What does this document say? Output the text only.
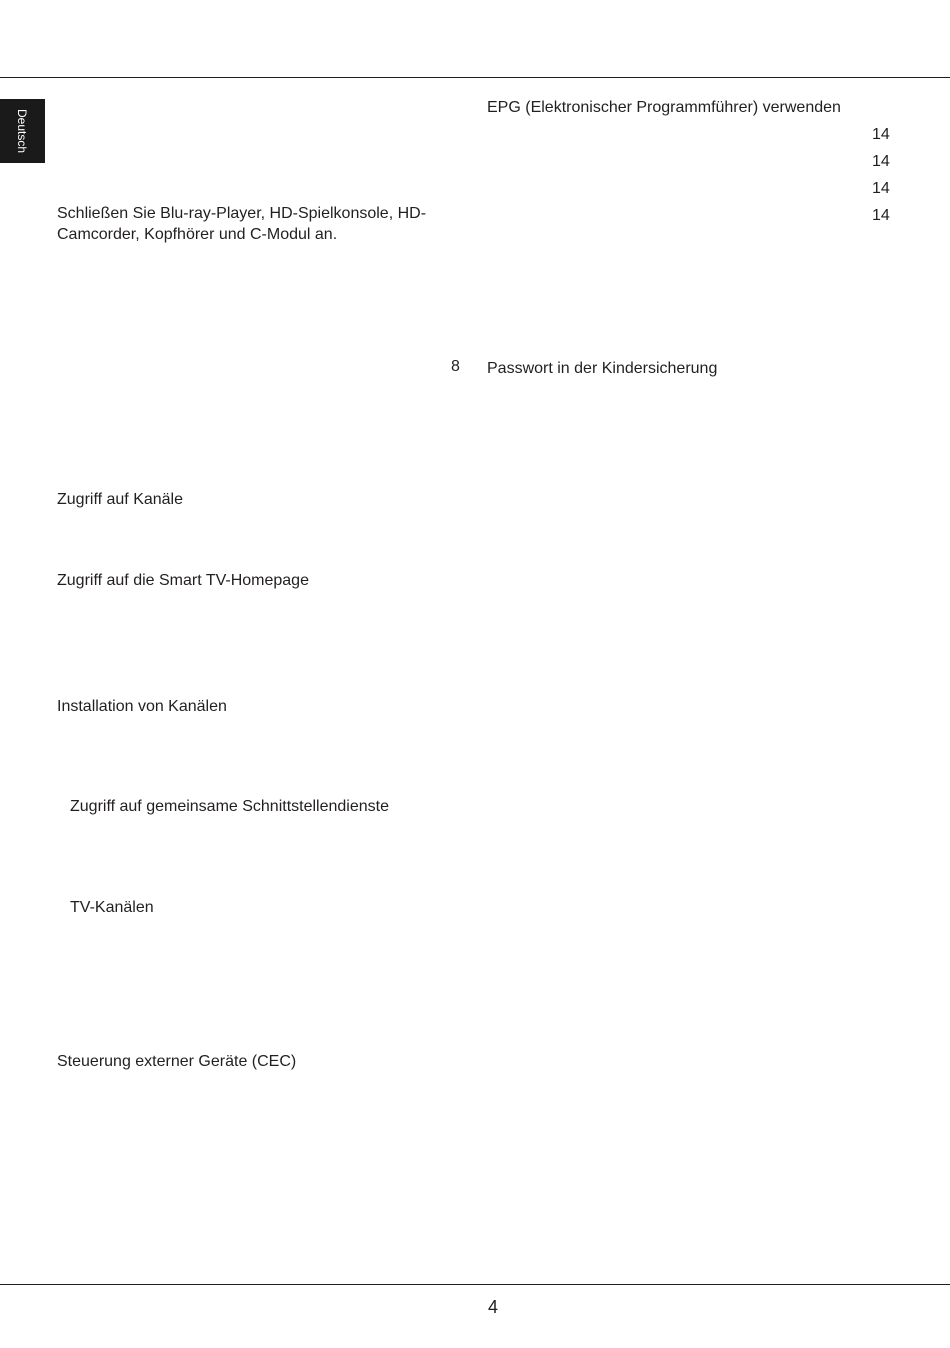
Deutsch

Schließen Sie Blu-ray-Player, HD-Spielkonsole, HD-

Camcorder, Kopfhörer und C-Modul an.

8

Zugriff auf Kanäle

Zugriff auf die Smart TV-Homepage

Installation von Kanälen

Zugriff auf gemeinsame Schnittstellendienste

TV-Kanälen

Steuerung externer Geräte (CEC)

EPG (Elektronischer Programmführer) verwenden

14

14

14

14

Passwort in der Kindersicherung

4
